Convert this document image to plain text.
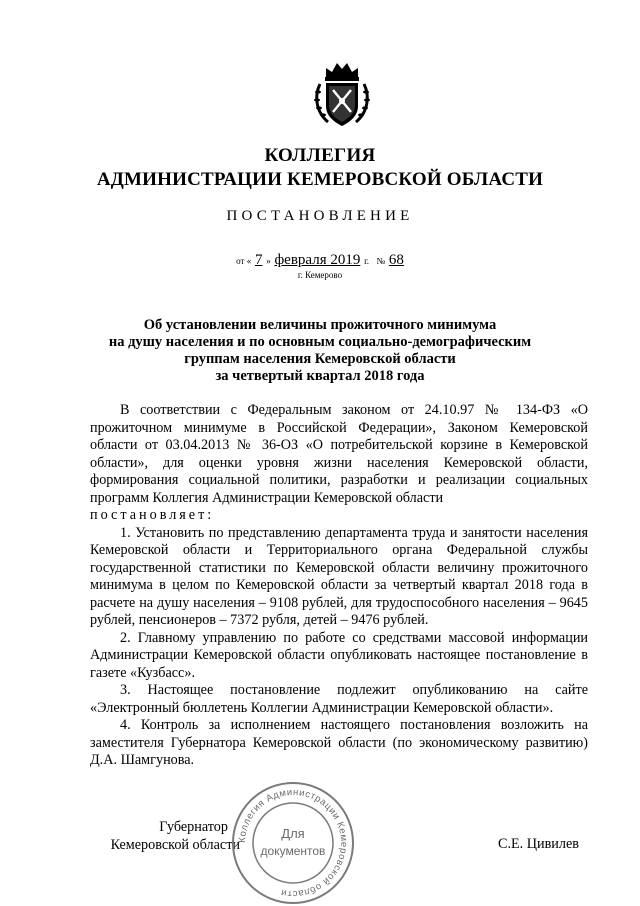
КОЛЛЕГИЯ
АДМИНИСТРАЦИИ КЕМЕРОВСКОЙ ОБЛАСТИ
ПОСТАНОВЛЕНИЕ
от « 7 » февраля 2019 г. № 68
г. Кемерово
Об установлении величины прожиточного минимума
на душу населения и по основным социально-демографическим
группам населения Кемеровской области
за четвертый квартал 2018 года

В соответствии с Федеральным законом от 24.10.97 № 134-ФЗ «О прожиточном минимуме в Российской Федерации», Законом Кемеровской области от 03.04.2013 № 36-ОЗ «О потребительской корзине в Кемеровской области», для оценки уровня жизни населения Кемеровской области, формирования социальной политики, разработки и реализации социальных программ Коллегия Администрации Кемеровской области

постановляет:

1. Установить по представлению департамента труда и занятости населения Кемеровской области и Территориального органа Федеральной службы государственной статистики по Кемеровской области величину прожиточного минимума в целом по Кемеровской области за четвертый квартал 2018 года в расчете на душу населения – 9108 рублей, для трудоспособного населения – 9645 рублей, пенсионеров – 7372 рубля, детей – 9476 рублей.

2. Главному управлению по работе со средствами массовой информации Администрации Кемеровской области опубликовать настоящее постановление в газете «Кузбасс».

3. Настоящее постановление подлежит опубликованию на сайте «Электронный бюллетень Коллегии Администрации Кемеровской области».

4. Контроль за исполнением настоящего постановления возложить на заместителя Губернатора Кемеровской области (по экономическому развитию) Д.А. Шамгунова.

Губернатор
Кемеровской области	С.Е. Цивилев
Коллегия Администрации Кемеровской области
Для
документов
